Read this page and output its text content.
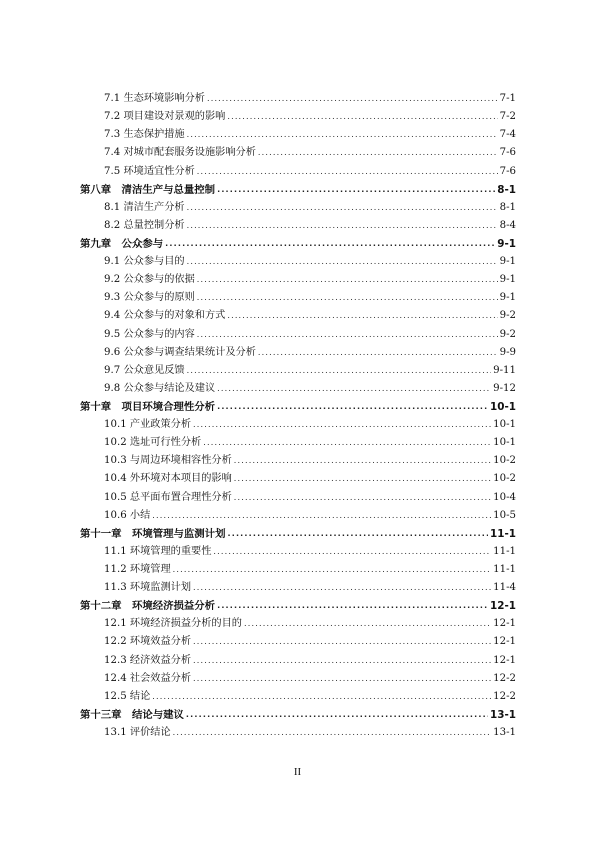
7.1 生态环境影响分析 .....	7-1
7.2 项目建设对景观的影响 .....	7-2
7.3 生态保护措施 .....	7-4
7.4 对城市配套服务设施影响分析 .....	7-6
7.5 环境适宜性分析 .....	7-6
第八章　清洁生产与总量控制 .....	8-1
8.1 清洁生产分析 .....	8-1
8.2 总量控制分析 .....	8-4
第九章　公众参与 .....	9-1
9.1 公众参与目的 .....	9-1
9.2 公众参与的依据 .....	9-1
9.3 公众参与的原则 .....	9-1
9.4 公众参与的对象和方式 .....	9-2
9.5 公众参与的内容 .....	9-2
9.6 公众参与调查结果统计及分析 .....	9-9
9.7 公众意见反馈 .....	9-11
9.8 公众参与结论及建议 .....	9-12
第十章　项目环境合理性分析 .....	10-1
10.1 产业政策分析 .....	10-1
10.2 选址可行性分析 .....	10-1
10.3 与周边环境相容性分析 .....	10-2
10.4 外环境对本项目的影响 .....	10-2
10.5 总平面布置合理性分析 .....	10-4
10.6 小结 .....	10-5
第十一章　环境管理与监测计划 .....	11-1
11.1 环境管理的重要性 .....	11-1
11.2 环境管理 .....	11-1
11.3 环境监测计划 .....	11-4
第十二章　环境经济损益分析 .....	12-1
12.1 环境经济损益分析的目的 .....	12-1
12.2 环境效益分析 .....	12-1
12.3 经济效益分析 .....	12-1
12.4 社会效益分析 .....	12-2
12.5 结论 .....	12-2
第十三章　结论与建议 .....	13-1
13.1 评价结论 .....	13-1
II
